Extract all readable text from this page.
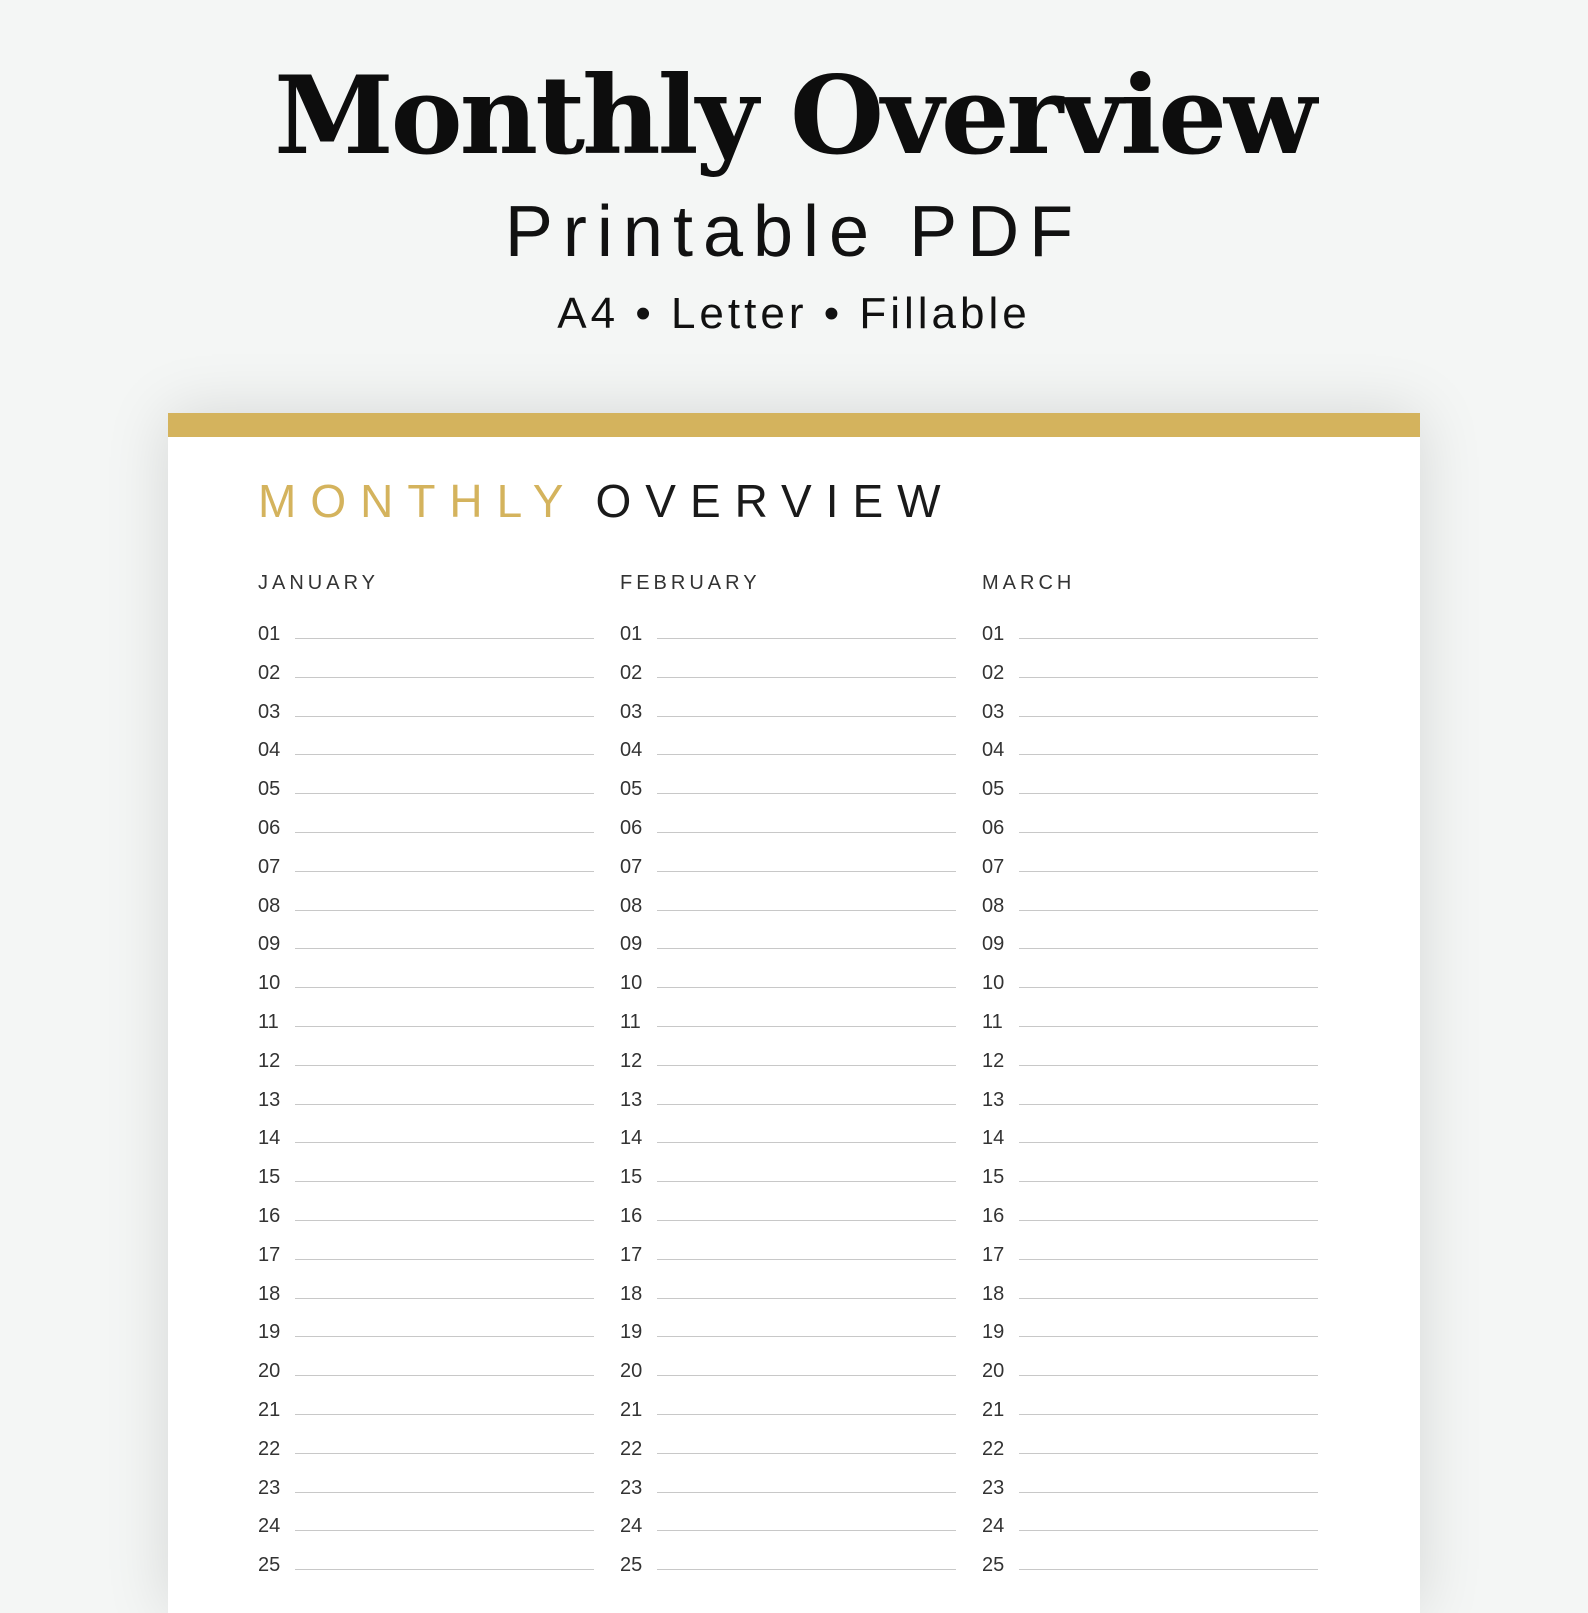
Monthly Overview
Printable PDF
A4 • Letter • Fillable
MONTHLY OVERVIEW
JANUARY
01
02
03
04
05
06
07
08
09
10
11
12
13
14
15
16
17
18
19
20
21
22
23
24
25
FEBRUARY
01
02
03
04
05
06
07
08
09
10
11
12
13
14
15
16
17
18
19
20
21
22
23
24
25
MARCH
01
02
03
04
05
06
07
08
09
10
11
12
13
14
15
16
17
18
19
20
21
22
23
24
25
